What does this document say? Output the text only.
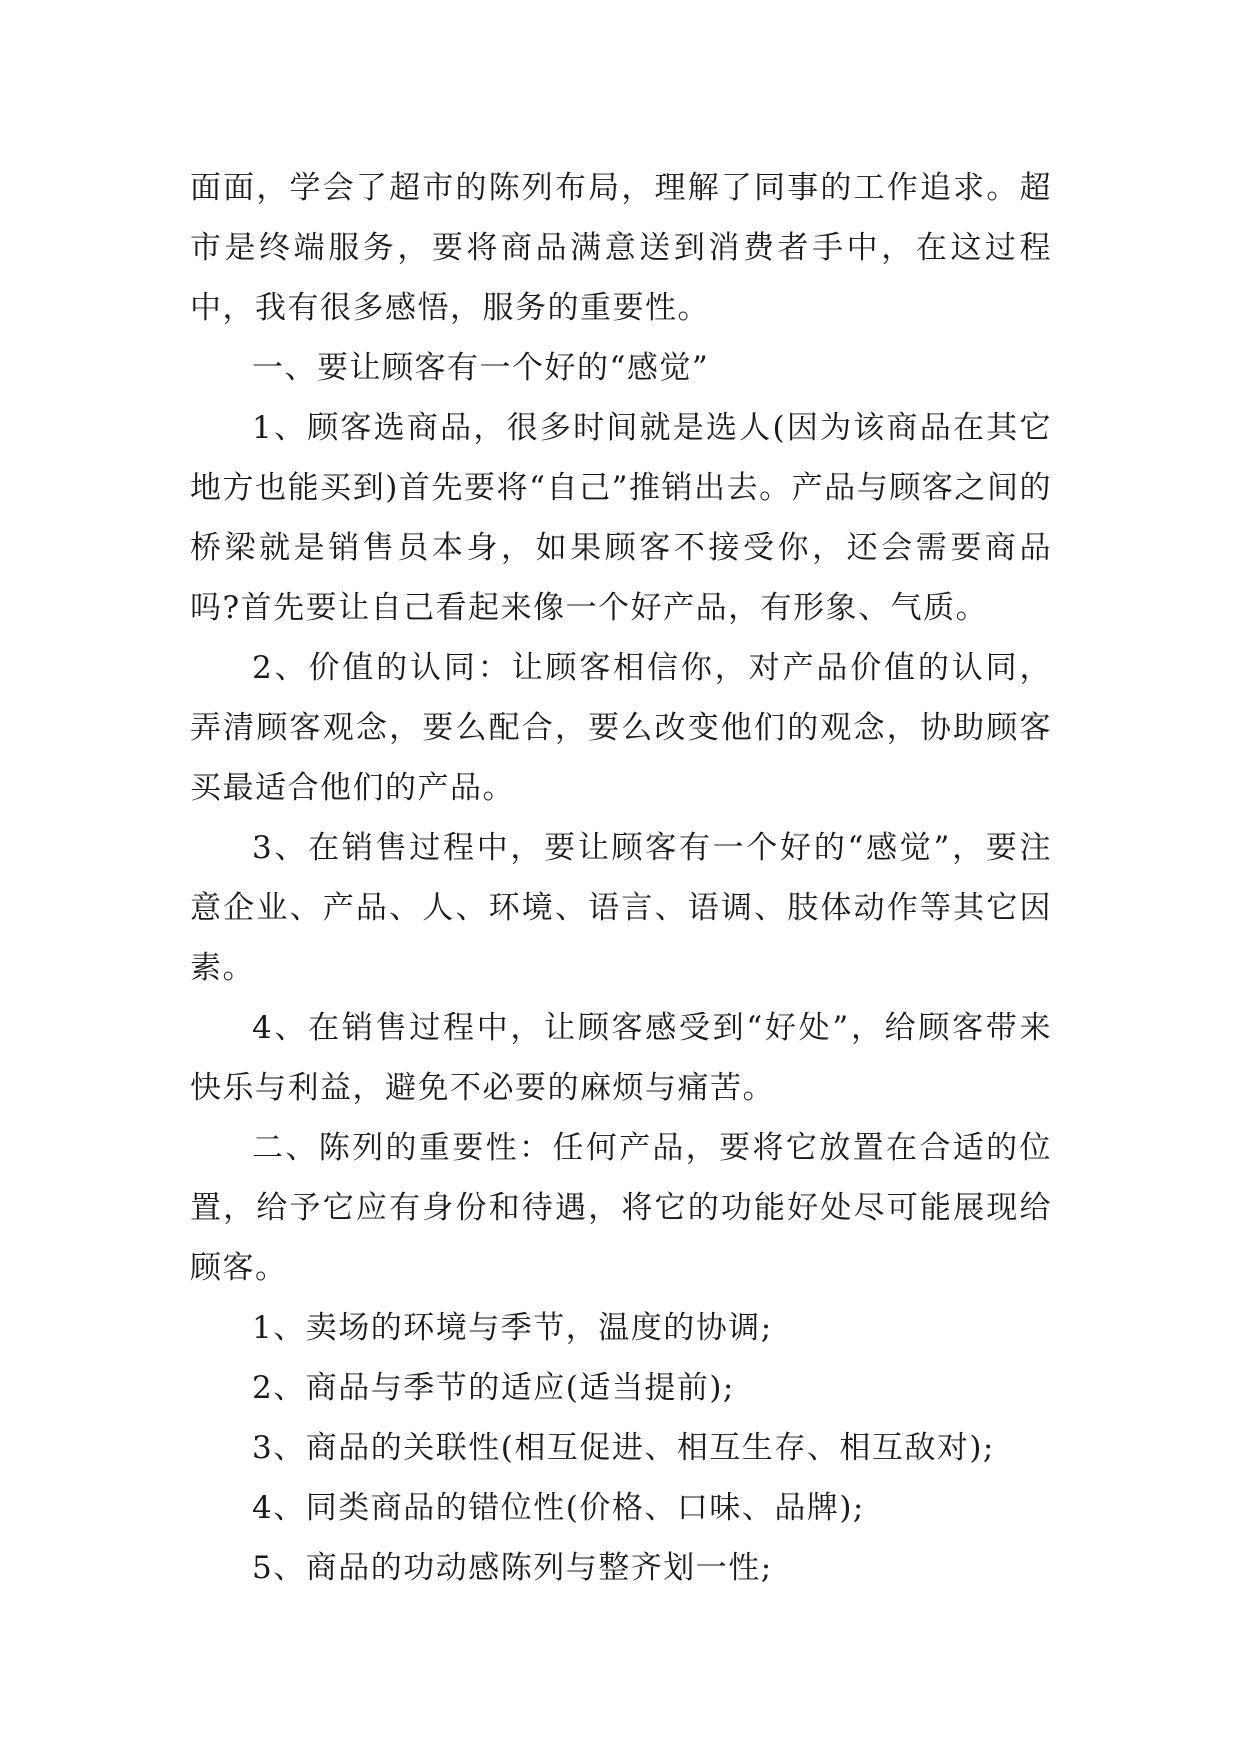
面面，学会了超市的陈列布局，理解了同事的工作追求。超市是终端服务，要将商品满意送到消费者手中，在这过程中，我有很多感悟，服务的重要性。

一、要让顾客有一个好的“感觉”

1、顾客选商品，很多时间就是选人(因为该商品在其它地方也能买到)首先要将“自己”推销出去。产品与顾客之间的桥梁就是销售员本身，如果顾客不接受你，还会需要商品吗?首先要让自己看起来像一个好产品，有形象、气质。

2、价值的认同：让顾客相信你，对产品价值的认同，弄清顾客观念，要么配合，要么改变他们的观念，协助顾客买最适合他们的产品。

3、在销售过程中，要让顾客有一个好的“感觉”，要注意企业、产品、人、环境、语言、语调、肢体动作等其它因素。

4、在销售过程中，让顾客感受到“好处”，给顾客带来快乐与利益，避免不必要的麻烦与痛苦。

二、陈列的重要性：任何产品，要将它放置在合适的位置，给予它应有身份和待遇，将它的功能好处尽可能展现给顾客。

1、卖场的环境与季节，温度的协调;

2、商品与季节的适应(适当提前);

3、商品的关联性(相互促进、相互生存、相互敌对);

4、同类商品的错位性(价格、口味、品牌);

5、商品的功动感陈列与整齐划一性;
